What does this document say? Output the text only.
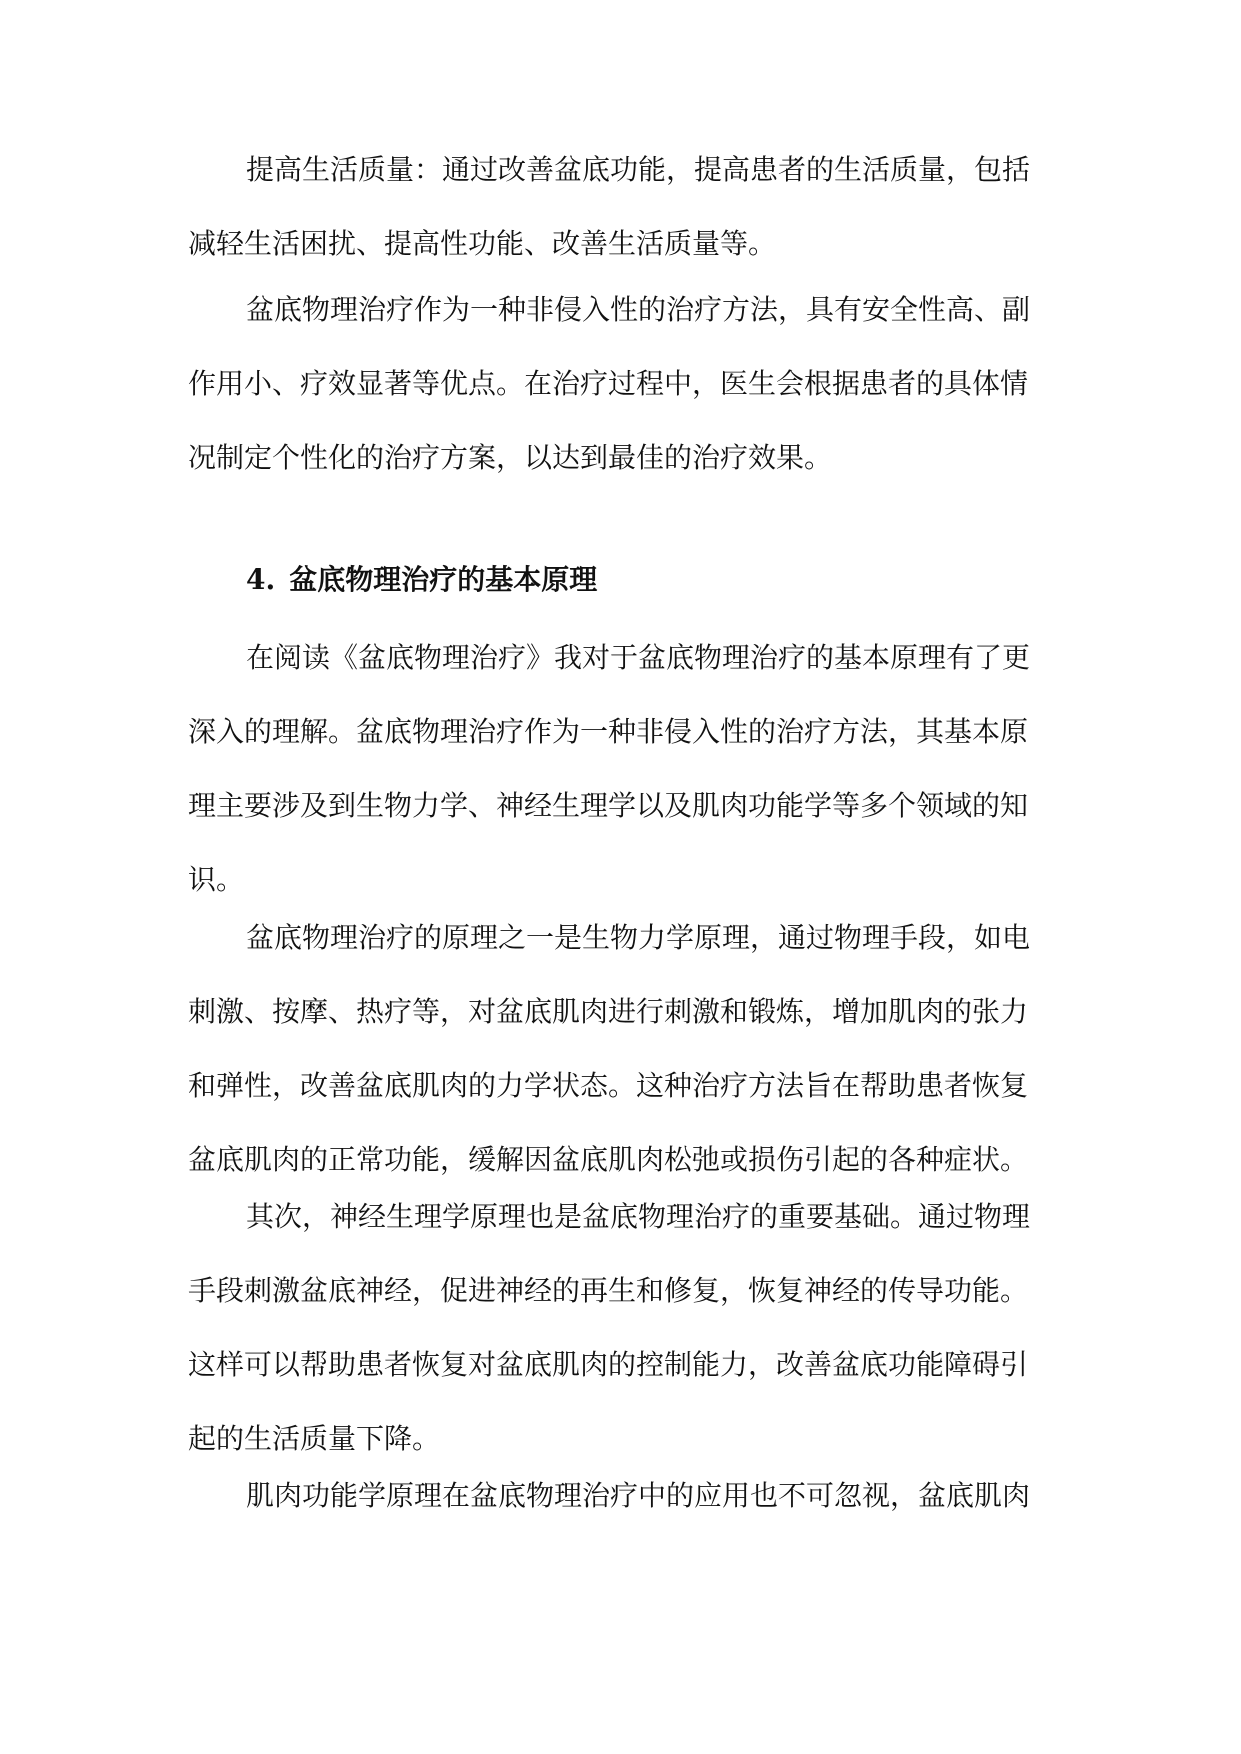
提高生活质量：通过改善盆底功能，提高患者的生活质量，包括
减轻生活困扰、提高性功能、改善生活质量等。
盆底物理治疗作为一种非侵入性的治疗方法，具有安全性高、副
作用小、疗效显著等优点。在治疗过程中，医生会根据患者的具体情
况制定个性化的治疗方案，以达到最佳的治疗效果。
4. 盆底物理治疗的基本原理
在阅读《盆底物理治疗》我对于盆底物理治疗的基本原理有了更
深入的理解。盆底物理治疗作为一种非侵入性的治疗方法，其基本原
理主要涉及到生物力学、神经生理学以及肌肉功能学等多个领域的知
识。
盆底物理治疗的原理之一是生物力学原理，通过物理手段，如电
刺激、按摩、热疗等，对盆底肌肉进行刺激和锻炼，增加肌肉的张力
和弹性，改善盆底肌肉的力学状态。这种治疗方法旨在帮助患者恢复
盆底肌肉的正常功能，缓解因盆底肌肉松弛或损伤引起的各种症状。
其次，神经生理学原理也是盆底物理治疗的重要基础。通过物理
手段刺激盆底神经，促进神经的再生和修复，恢复神经的传导功能。
这样可以帮助患者恢复对盆底肌肉的控制能力，改善盆底功能障碍引
起的生活质量下降。
肌肉功能学原理在盆底物理治疗中的应用也不可忽视，盆底肌肉
